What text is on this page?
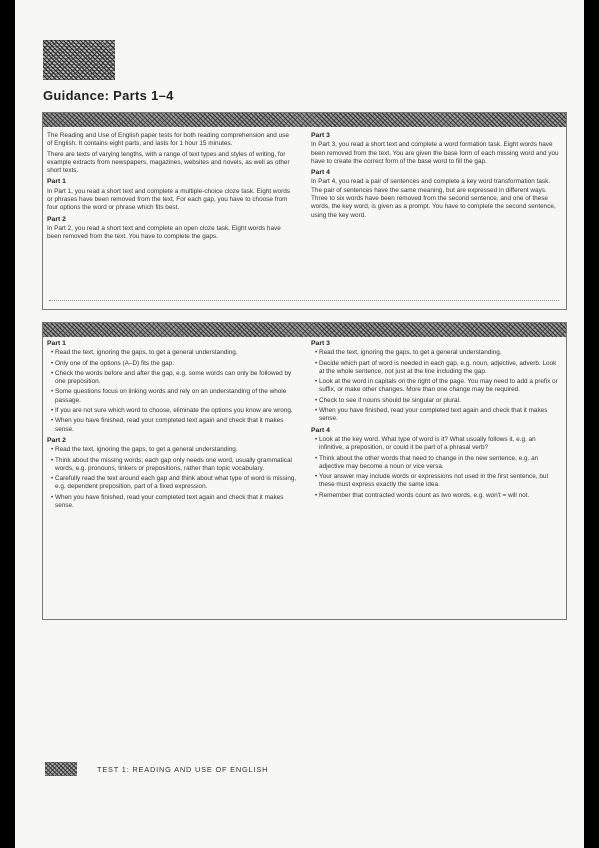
Guidance: Parts 1–4

The Reading and Use of English paper tests for both reading comprehension and use of English. It contains eight parts, and lasts for 1 hour 15 minutes.

There are texts of varying lengths, with a range of text types and styles of writing, for example extracts from newspapers, magazines, websites and novels, as well as other short texts.

Part 1

In Part 1, you read a short text and complete a multiple-choice cloze task. Eight words or phrases have been removed from the text. For each gap, you have to choose from four options the word or phrase which fits best.

Part 2

In Part 2, you read a short text and complete an open cloze task. Eight words have been removed from the text. You have to complete the gaps.

Part 3

In Part 3, you read a short text and complete a word formation task. Eight words have been removed from the text. You are given the base form of each missing word and you have to create the correct form of the base word to fill the gap.

Part 4

In Part 4, you read a pair of sentences and complete a key word transformation task. The pair of sentences have the same meaning, but are expressed in different ways. Three to six words have been removed from the second sentence, and one of these words, the key word, is given as a prompt. You have to complete the second sentence, using the key word.

Part 1
• Read the text, ignoring the gaps, to get a general understanding.
• Only one of the options (A–D) fits the gap.
• Check the words before and after the gap, e.g. some words can only be followed by one preposition.
• Some questions focus on linking words and rely on an understanding of the whole passage.
• If you are not sure which word to choose, eliminate the options you know are wrong.
• When you have finished, read your completed text again and check that it makes sense.
Part 2
• Read the text, ignoring the gaps, to get a general understanding.
• Think about the missing words; each gap only needs one word, usually grammatical words, e.g. pronouns, linkers or prepositions, rather than topic vocabulary.
• Carefully read the text around each gap and think about what type of word is missing, e.g. dependent preposition, part of a fixed expression.
• When you have finished, read your completed text again and check that it makes sense.
Part 3
• Read the text, ignoring the gaps, to get a general understanding.
• Decide which part of word is needed in each gap, e.g. noun, adjective, adverb. Look at the whole sentence, not just at the line including the gap.
• Look at the word in capitals on the right of the page. You may need to add a prefix or suffix, or make other changes. More than one change may be required.
• Check to see if nouns should be singular or plural.
• When you have finished, read your completed text again and check that it makes sense.
Part 4
• Look at the key word. What type of word is it? What usually follows it, e.g. an infinitive, a preposition, or could it be part of a phrasal verb?
• Think about the other words that need to change in the new sentence, e.g. an adjective may become a noun or vice versa.
• Your answer may include words or expressions not used in the first sentence, but these must express exactly the same idea.
• Remember that contracted words count as two words, e.g. won't = will not.
TEST 1: READING AND USE OF ENGLISH
